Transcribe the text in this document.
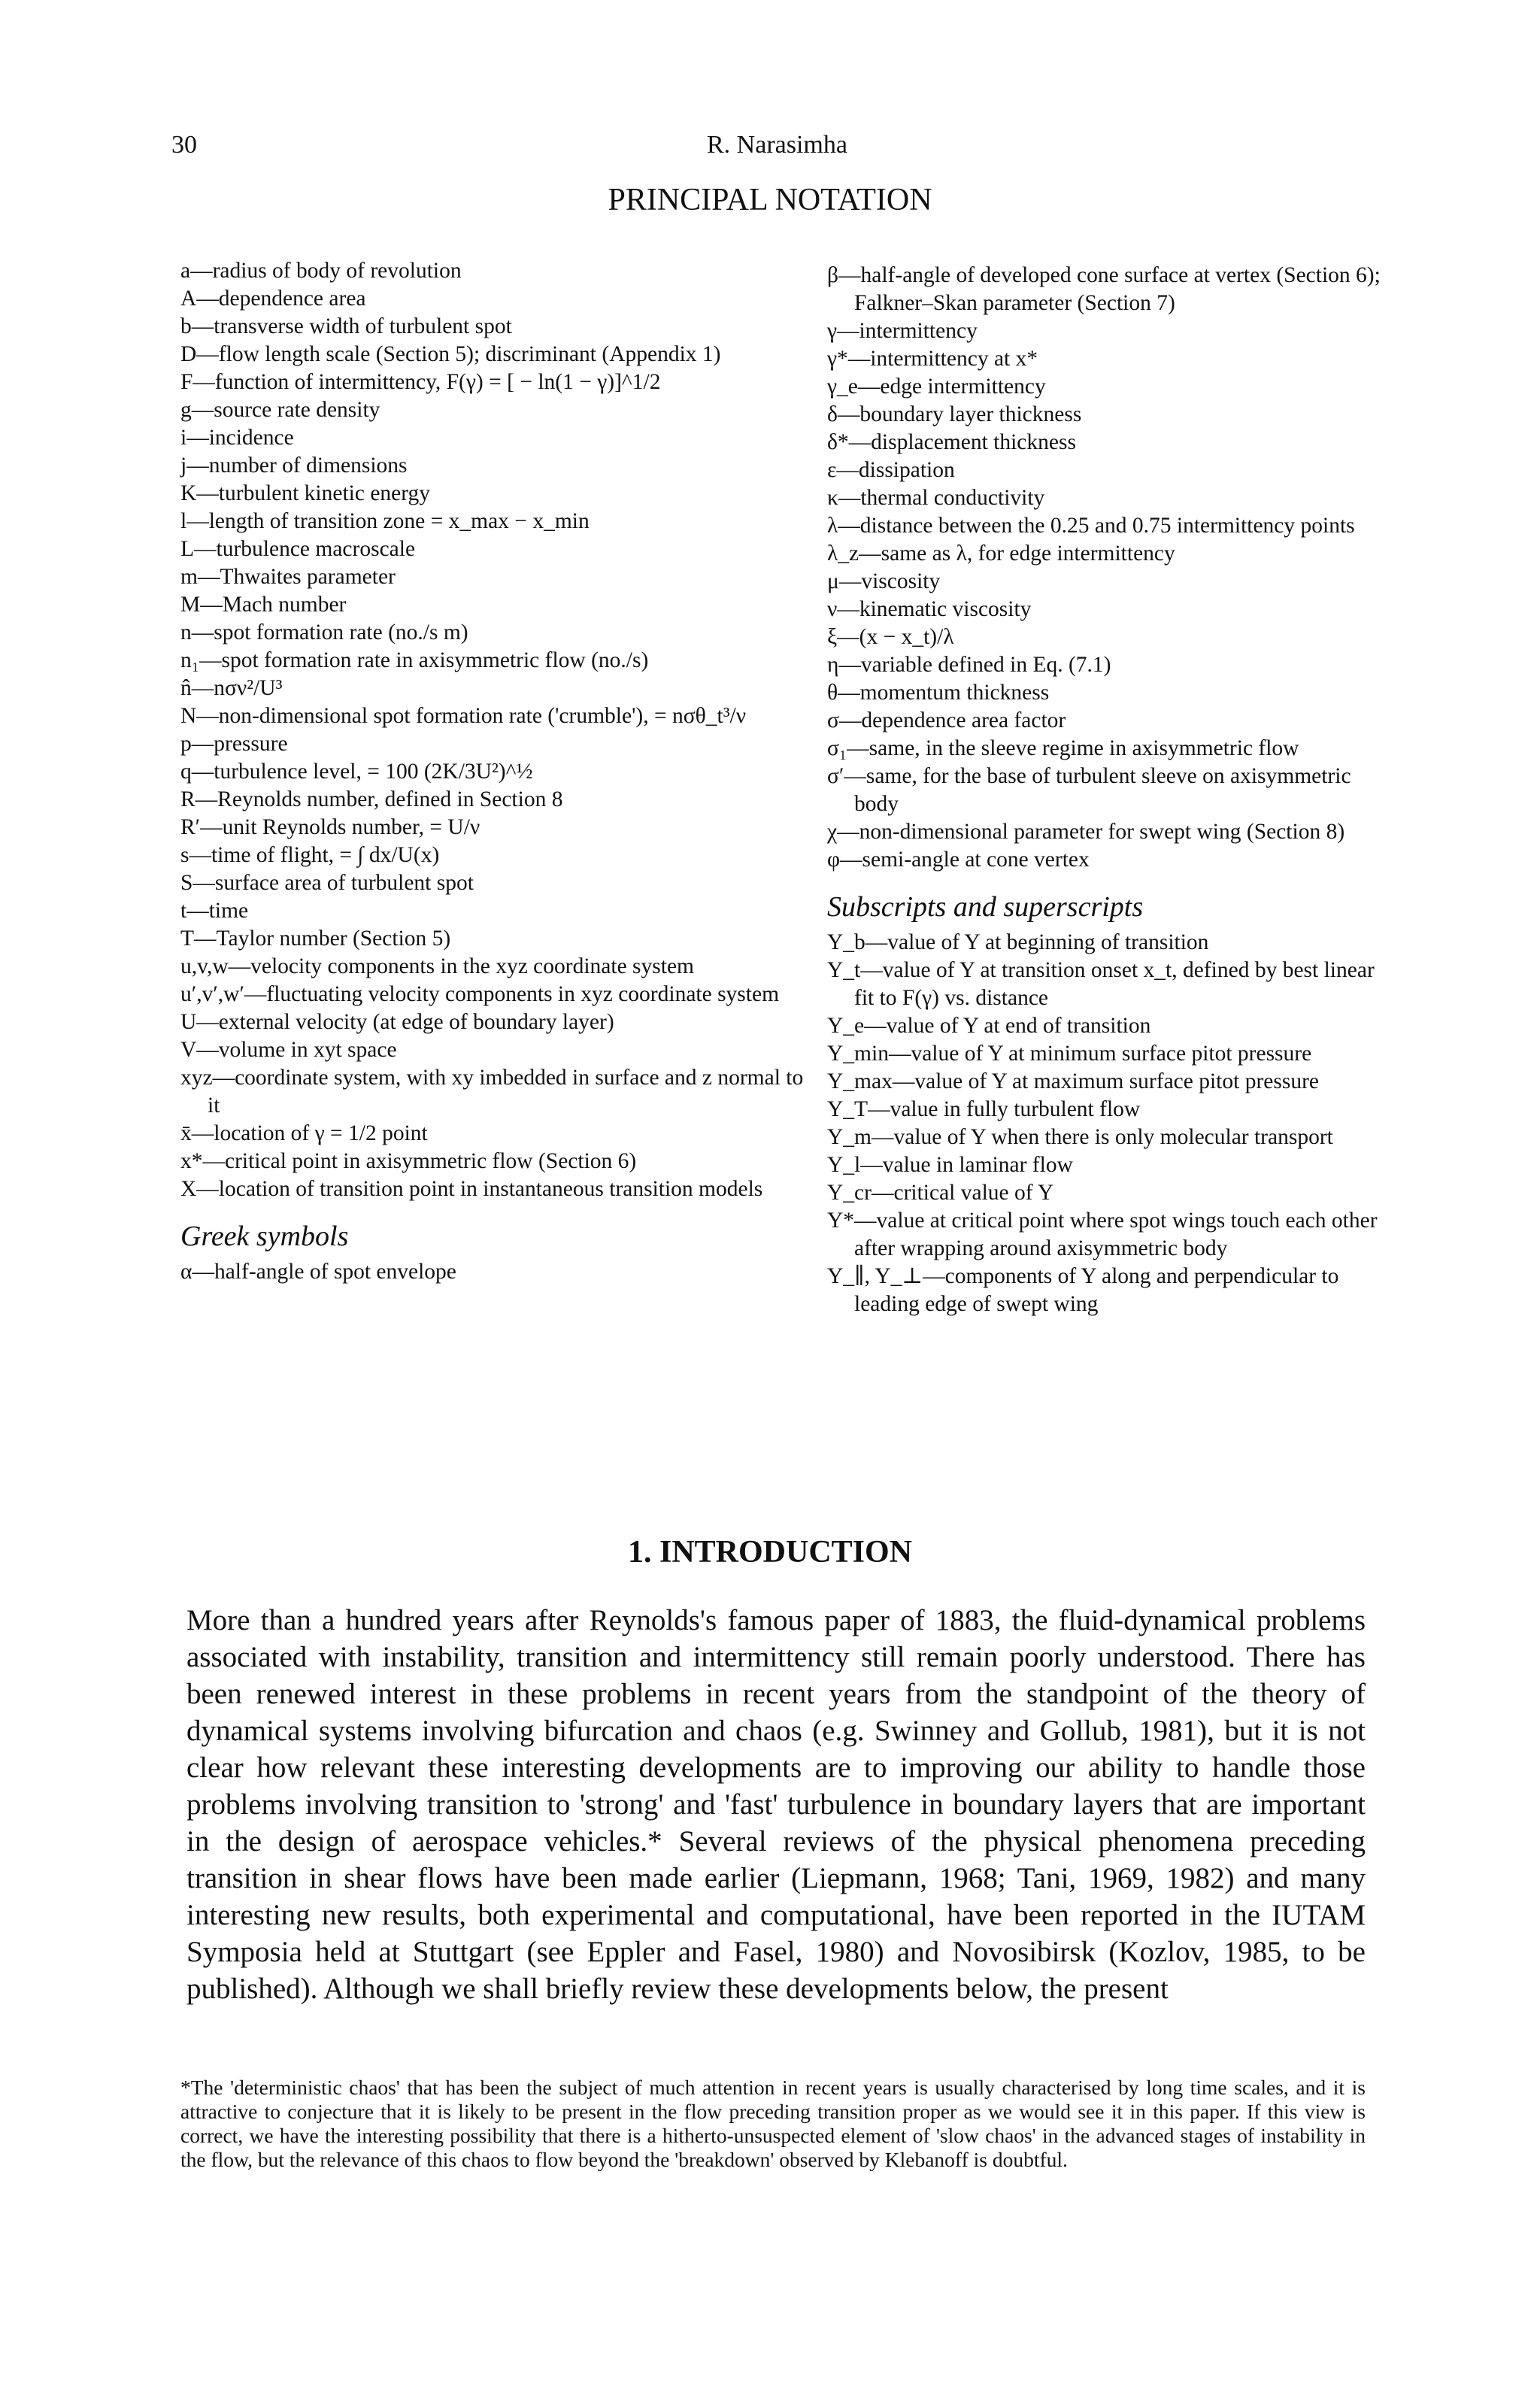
30	R. Narasimha
PRINCIPAL NOTATION
a—radius of body of revolution
A—dependence area
b—transverse width of turbulent spot
D—flow length scale (Section 5); discriminant (Appendix 1)
F—function of intermittency, F(γ) = [ − ln(1 − γ)]^1/2
g—source rate density
i—incidence
j—number of dimensions
K—turbulent kinetic energy
l—length of transition zone = x_max − x_min
L—turbulence macroscale
m—Thwaites parameter
M—Mach number
n—spot formation rate (no./s m)
n₁—spot formation rate in axisymmetric flow (no./s)
n̂—nσν²/U³
N—non-dimensional spot formation rate ('crumble'), = nσθ_t³/ν
p—pressure
q—turbulence level, = 100 (2K/3U²)^½
R—Reynolds number, defined in Section 8
R′—unit Reynolds number, = U/ν
s—time of flight, = ∫ dx/U(x)
S—surface area of turbulent spot
t—time
T—Taylor number (Section 5)
u,v,w—velocity components in the xyz coordinate system
u′,v′,w′—fluctuating velocity components in xyz coordinate system
U—external velocity (at edge of boundary layer)
V—volume in xyt space
xyz—coordinate system, with xy imbedded in surface and z normal to it
x̄—location of γ = 1/2 point
x*—critical point in axisymmetric flow (Section 6)
X—location of transition point in instantaneous transition models
Greek symbols
α—half-angle of spot envelope
β—half-angle of developed cone surface at vertex (Section 6); Falkner–Skan parameter (Section 7)
γ—intermittency
γ*—intermittency at x*
γ_e—edge intermittency
δ—boundary layer thickness
δ*—displacement thickness
ε—dissipation
κ—thermal conductivity
λ—distance between the 0.25 and 0.75 intermittency points
λ_z—same as λ, for edge intermittency
μ—viscosity
ν—kinematic viscosity
ξ—(x − x_t)/λ
η—variable defined in Eq. (7.1)
θ—momentum thickness
σ—dependence area factor
σ₁—same, in the sleeve regime in axisymmetric flow
σ′—same, for the base of turbulent sleeve on axisymmetric body
χ—non-dimensional parameter for swept wing (Section 8)
φ—semi-angle at cone vertex
Subscripts and superscripts
Y_b—value of Y at beginning of transition
Y_t—value of Y at transition onset x_t, defined by best linear fit to F(γ) vs. distance
Y_e—value of Y at end of transition
Y_min—value of Y at minimum surface pitot pressure
Y_max—value of Y at maximum surface pitot pressure
Y_T—value in fully turbulent flow
Y_m—value of Y when there is only molecular transport
Y_l—value in laminar flow
Y_cr—critical value of Y
Y*—value at critical point where spot wings touch each other after wrapping around axisymmetric body
Y_∥, Y_⊥—components of Y along and perpendicular to leading edge of swept wing
1. INTRODUCTION
More than a hundred years after Reynolds's famous paper of 1883, the fluid-dynamical problems associated with instability, transition and intermittency still remain poorly understood. There has been renewed interest in these problems in recent years from the standpoint of the theory of dynamical systems involving bifurcation and chaos (e.g. Swinney and Gollub, 1981), but it is not clear how relevant these interesting developments are to improving our ability to handle those problems involving transition to 'strong' and 'fast' turbulence in boundary layers that are important in the design of aerospace vehicles.* Several reviews of the physical phenomena preceding transition in shear flows have been made earlier (Liepmann, 1968; Tani, 1969, 1982) and many interesting new results, both experimental and computational, have been reported in the IUTAM Symposia held at Stuttgart (see Eppler and Fasel, 1980) and Novosibirsk (Kozlov, 1985, to be published). Although we shall briefly review these developments below, the present
*The 'deterministic chaos' that has been the subject of much attention in recent years is usually characterised by long time scales, and it is attractive to conjecture that it is likely to be present in the flow preceding transition proper as we would see it in this paper. If this view is correct, we have the interesting possibility that there is a hitherto-unsuspected element of 'slow chaos' in the advanced stages of instability in the flow, but the relevance of this chaos to flow beyond the 'breakdown' observed by Klebanoff is doubtful.
